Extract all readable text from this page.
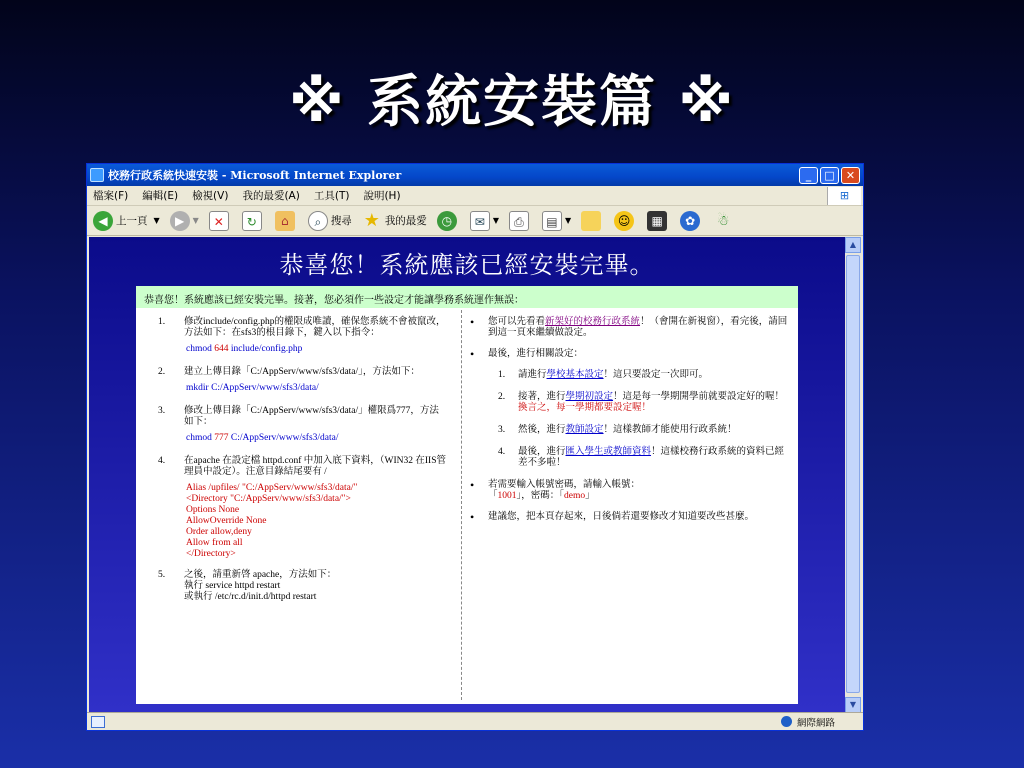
※ 系統安裝篇 ※
校務行政系統快速安裝 - Microsoft Internet Explorer	_	□	✕
檔案(F) 編輯(E) 檢視(V) 我的最愛(A) 工具(T) 說明(H)	⊞
◀ 上一頁 ▼	▶	▼	✕	↻	⌂	⌕ 搜尋 ★ 我的最愛	◷	✉ ▼	⎙	▤ ▼	☺	▦	✿	☃
恭喜您！系統應該已經安裝完畢。
恭喜您！系統應該已經安裝完畢。接著，您必須作一些設定才能讓學務系統運作無誤：
1.	修改include/config.php的權限成唯讀，確保您系統不會被竄改，方法如下：在sfs3的根目錄下，鍵入以下指令：
chmod 644 include/config.php
2.	建立上傳目錄「C:/AppServ/www/sfs3/data/」，方法如下：
mkdir C:/AppServ/www/sfs3/data/
3.	修改上傳目錄「C:/AppServ/www/sfs3/data/」權限爲777，方法如下：
chmod 777 C:/AppServ/www/sfs3/data/
4.	在apache 在設定檔 httpd.conf 中加入底下資料，（WIN32 在IIS管理員中設定）。注意目錄結尾要有 /
Alias /upfiles/ "C:/AppServ/www/sfs3/data/"
<Directory "C:/AppServ/www/sfs3/data/">
Options None
AllowOverride None
Order allow,deny
Allow from all
</Directory>
5.	之後，請重新啓 apache，方法如下：
執行 service httpd restart
或執行 /etc/rc.d/init.d/httpd restart
•	您可以先看看新架好的校務行政系統！（會開在新視窗），看完後，請回到這一頁來繼續做設定。
•	最後，進行相關設定：
1.	請進行學校基本設定！這只要設定一次即可。
2.	接著，進行學期初設定！這是每一學期開學前就要設定好的喔！換言之，每一學期都要設定喔！
3.	然後，進行教師設定！這樣教師才能使用行政系統！
4.	最後，進行匯入學生或教師資料！這樣校務行政系統的資料已經差不多啦！
•	若需要輸入帳號密碼，請輸入帳號：
「1001」，密碼：「demo」
•	建議您，把本頁存起來，日後倘若還要修改才知道要改些甚麼。
▲
▼
網際網路
